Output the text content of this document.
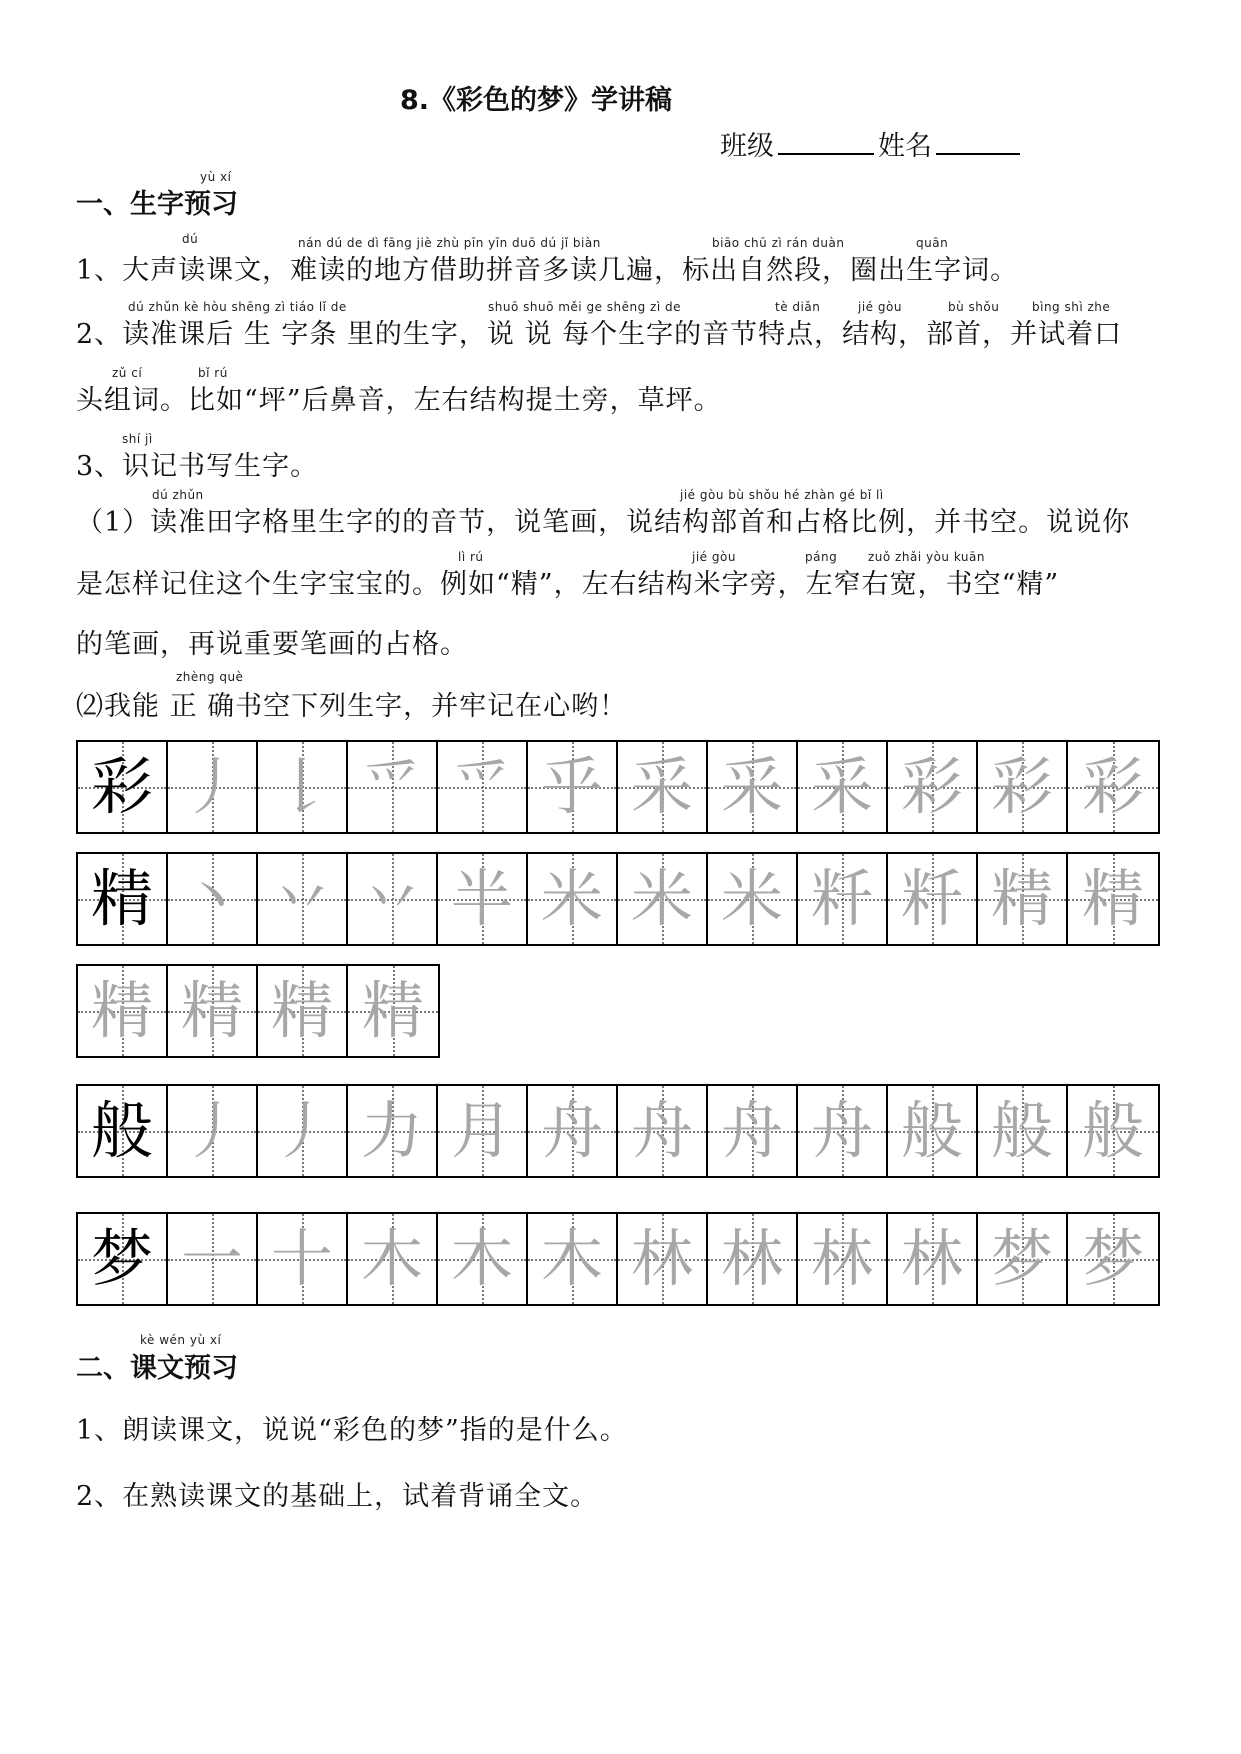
8.《彩色的梦》学讲稿
班级	姓名
yù xí
一、生字预习
dú	nán dú de dì fāng jiè zhù pīn yīn duō dú jǐ biàn	biāo chū zì rán duàn	quān
1、大声读课文，难读的地方借助拼音多读几遍，标出自然段，圈出生字词。
dú zhǔn kè hòu shēng zì tiáo lǐ de	shuō shuō měi ge shēng zì de	tè diǎn	jié gòu	bù shǒu	bìng shì zhe
2、读准课后 生 字条 里的生字，说 说 每个生字的音节特点，结构，部首，并试着口
zǔ cí	bǐ rú
头组词。比如“坪”后鼻音，左右结构提土旁，草坪。
shí jì
3、识记书写生字。
dú zhǔn	jié gòu bù shǒu hé zhàn gé bǐ lì
（1）读准田字格里生字的的音节，说笔画，说结构部首和占格比例，并书空。说说你
lì rú	jié gòu	páng	zuǒ zhǎi yòu kuān
是怎样记住这个生字宝宝的。例如“精”，左右结构米字旁，左窄右宽，书空“精”
的笔画，再说重要笔画的占格。
zhèng què
⑵我能 正 确书空下列生字，并牢记在心哟！
彩 丿 𠄌 爫 爫 乎 采 采 采 彩 彩 彩
精 丶 丷 丷 半 米 米 米 粁 粁 精 精
精 精 精 精
般 丿 丿 力 月 舟 舟 舟 舟 般 般 般
梦 一 十 木 木 木 林 林 林 林 梦 梦
kè wén yù xí
二、课文预习
1、朗读课文，说说“彩色的梦”指的是什么。
2、在熟读课文的基础上，试着背诵全文。
